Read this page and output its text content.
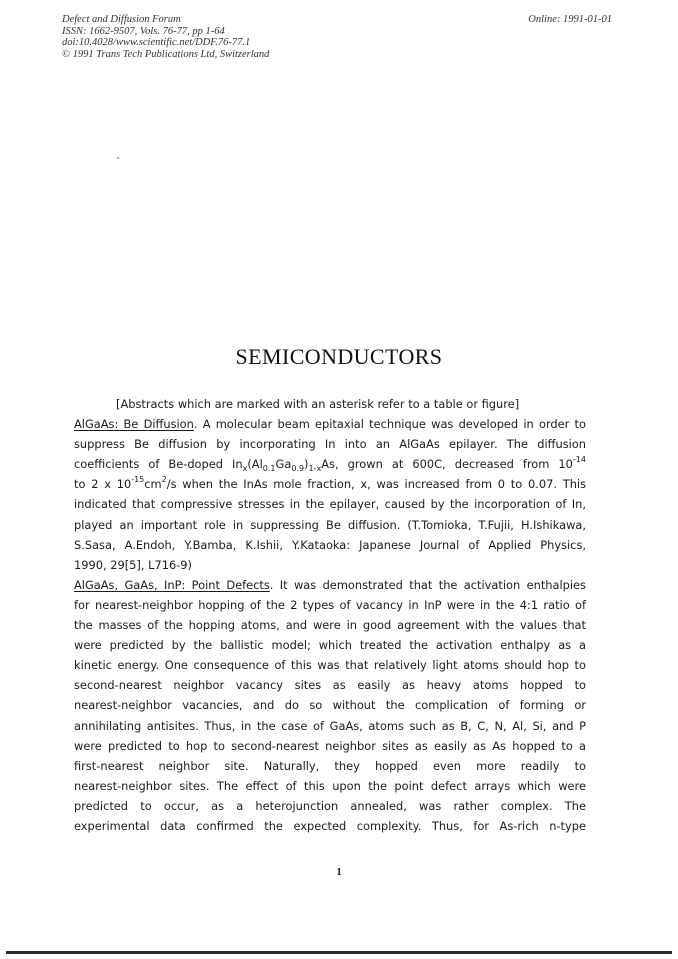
Defect and Diffusion Forum
ISSN: 1662-9507, Vols. 76-77, pp 1-64
doi:10.4028/www.scientific.net/DDF.76-77.1
© 1991 Trans Tech Publications Ltd, Switzerland
Online: 1991-01-01
SEMICONDUCTORS
[Abstracts which are marked with an asterisk refer to a table or figure]
AlGaAs: Be Diffusion. A molecular beam epitaxial technique was developed in order to
suppress Be diffusion by incorporating In into an AlGaAs epilayer. The diffusion
coefficients of Be-doped $In_x(Al_{0.1}Ga_{0.9})_{1-x}As$, grown at 600C, decreased from $10^{-14}$
to 2 x $10^{-15}cm^2/s$ when the InAs mole fraction, x, was increased from 0 to 0.07. This
indicated that compressive stresses in the epilayer, caused by the incorporation of In,
played an important role in suppressing Be diffusion. (T.Tomioka, T.Fujii, H.Ishikawa,
S.Sasa, A.Endoh, Y.Bamba, K.Ishii, Y.Kataoka: Japanese Journal of Applied Physics,
1990, 29[5], L716-9)
AlGaAs, GaAs, InP: Point Defects. It was demonstrated that the activation enthalpies
for nearest-neighbor hopping of the 2 types of vacancy in InP were in the 4:1 ratio of
the masses of the hopping atoms, and were in good agreement with the values that
were predicted by the ballistic model; which treated the activation enthalpy as a
kinetic energy. One consequence of this was that relatively light atoms should hop to
second-nearest neighbor vacancy sites as easily as heavy atoms hopped to
nearest-neighbor vacancies, and do so without the complication of forming or
annihilating antisites. Thus, in the case of GaAs, atoms such as B, C, N, Al, Si, and P
were predicted to hop to second-nearest neighbor sites as easily as As hopped to a
first-nearest neighbor site. Naturally, they hopped even more readily to
nearest-neighbor sites. The effect of this upon the point defect arrays which were
predicted to occur, as a heterojunction annealed, was rather complex. The
experimental data confirmed the expected complexity. Thus, for As-rich n-type
1
